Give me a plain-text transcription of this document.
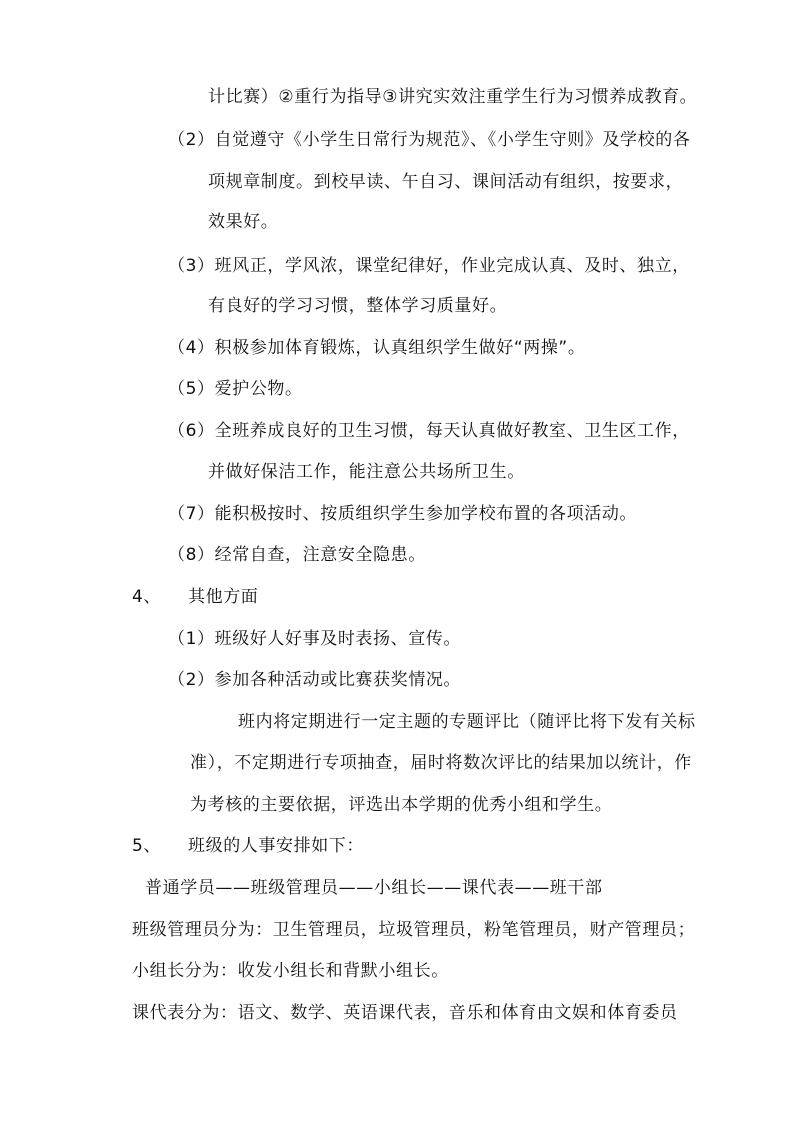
计比赛）②重行为指导③讲究实效注重学生行为习惯养成教育。

（2）自觉遵守《小学生日常行为规范》、《小学生守则》及学校的各

项规章制度。到校早读、午自习、课间活动有组织，按要求，

效果好。

（3）班风正，学风浓，课堂纪律好，作业完成认真、及时、独立，

有良好的学习习惯，整体学习质量好。

（4）积极参加体育锻炼，认真组织学生做好“两操”。

（5）爱护公物。

（6）全班养成良好的卫生习惯，每天认真做好教室、卫生区工作，

并做好保洁工作，能注意公共场所卫生。

（7）能积极按时、按质组织学生参加学校布置的各项活动。

（8）经常自查，注意安全隐患。

4、 其他方面

（1）班级好人好事及时表扬、宣传。

（2）参加各种活动或比赛获奖情况。

班内将定期进行一定主题的专题评比（随评比将下发有关标

准），不定期进行专项抽查，届时将数次评比的结果加以统计，作

为考核的主要依据，评选出本学期的优秀小组和学生。

5、 班级的人事安排如下：

普通学员——班级管理员——小组长——课代表——班干部

班级管理员分为：卫生管理员，垃圾管理员，粉笔管理员，财产管理员；

小组长分为：收发小组长和背默小组长。

课代表分为：语文、数学、英语课代表，音乐和体育由文娱和体育委员
